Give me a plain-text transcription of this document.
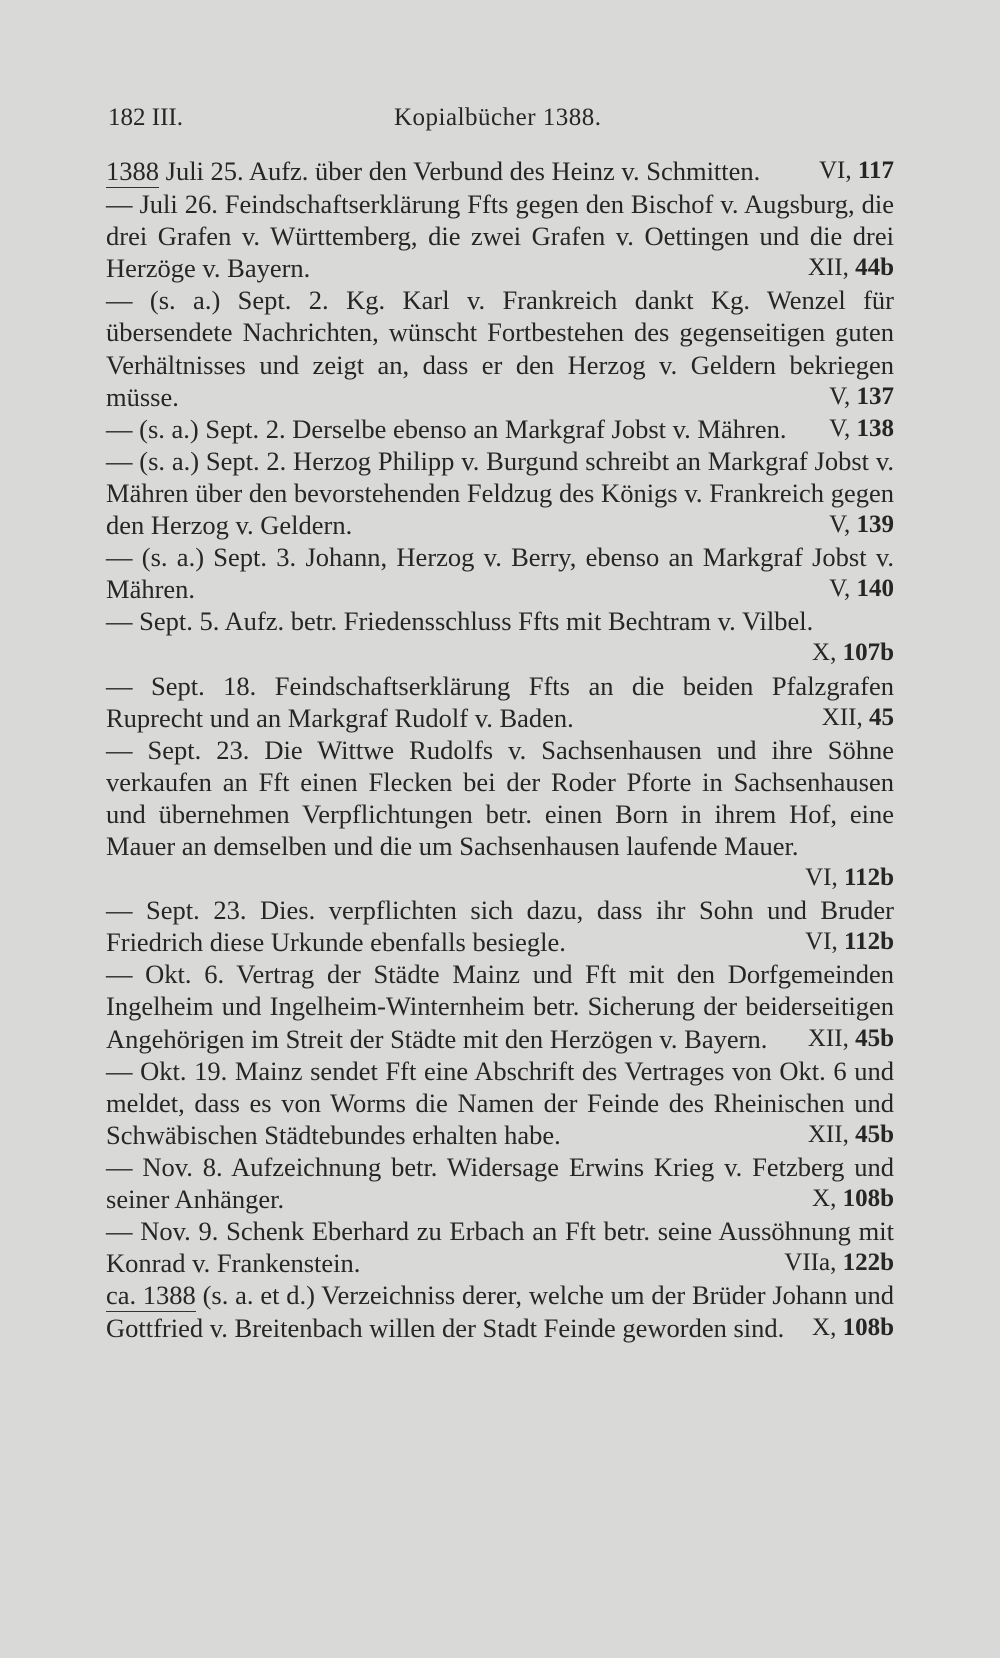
182 III.	Kopialbücher 1388.
1388 Juli 25. Aufz. über den Verbund des Heinz v. Schmitten.	VI, 117
— Juli 26. Feindschaftserklärung Ffts gegen den Bischof v. Augsburg, die drei Grafen v. Württemberg, die zwei Grafen v. Oettingen und die drei Herzöge v. Bayern.	XII, 44b
— (s. a.) Sept. 2. Kg. Karl v. Frankreich dankt Kg. Wenzel für übersendete Nachrichten, wünscht Fortbestehen des gegenseitigen guten Verhältnisses und zeigt an, dass er den Herzog v. Geldern bekriegen müsse.	V, 137
— (s. a.) Sept. 2. Derselbe ebenso an Markgraf Jobst v. Mähren.	V, 138
— (s. a.) Sept. 2. Herzog Philipp v. Burgund schreibt an Markgraf Jobst v. Mähren über den bevorstehenden Feldzug des Königs v. Frankreich gegen den Herzog v. Geldern.	V, 139
— (s. a.) Sept. 3. Johann, Herzog v. Berry, ebenso an Markgraf Jobst v. Mähren.	V, 140
— Sept. 5. Aufz. betr. Friedensschluss Ffts mit Bechtram v. Vilbel.
X, 107b
— Sept. 18. Feindschaftserklärung Ffts an die beiden Pfalzgrafen Ruprecht und an Markgraf Rudolf v. Baden.	XII, 45
— Sept. 23. Die Wittwe Rudolfs v. Sachsenhausen und ihre Söhne verkaufen an Fft einen Flecken bei der Roder Pforte in Sachsenhausen und übernehmen Verpflichtungen betr. einen Born in ihrem Hof, eine Mauer an demselben und die um Sachsenhausen laufende Mauer.
VI, 112b
— Sept. 23. Dies. verpflichten sich dazu, dass ihr Sohn und Bruder Friedrich diese Urkunde ebenfalls besiegle.	VI, 112b
— Okt. 6. Vertrag der Städte Mainz und Fft mit den Dorfgemeinden Ingelheim und Ingelheim-Winternheim betr. Sicherung der beiderseitigen Angehörigen im Streit der Städte mit den Herzögen v. Bayern.	XII, 45b
— Okt. 19. Mainz sendet Fft eine Abschrift des Vertrages von Okt. 6 und meldet, dass es von Worms die Namen der Feinde des Rheinischen und Schwäbischen Städtebundes erhalten habe.	XII, 45b
— Nov. 8. Aufzeichnung betr. Widersage Erwins Krieg v. Fetzberg und seiner Anhänger.	X, 108b
— Nov. 9. Schenk Eberhard zu Erbach an Fft betr. seine Aussöhnung mit Konrad v. Frankenstein.	VIIa, 122b
ca. 1388 (s. a. et d.) Verzeichniss derer, welche um der Brüder Johann und Gottfried v. Breitenbach willen der Stadt Feinde geworden sind.	X, 108b
